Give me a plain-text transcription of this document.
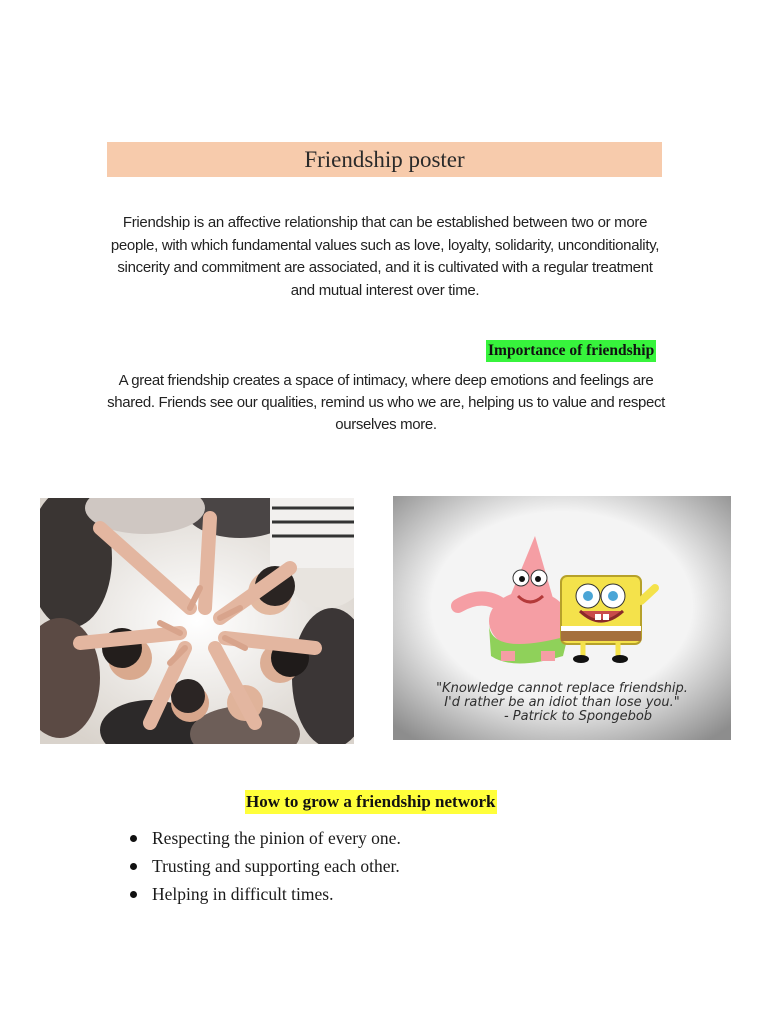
Friendship poster

Friendship is an affective relationship that can be established between two or more people, with which fundamental values such as love, loyalty, solidarity, unconditionality, sincerity and commitment are associated, and it is cultivated with a regular treatment and mutual interest over time.

Importance of friendship

A great friendship creates a space of intimacy, where deep emotions and feelings are shared. Friends see our qualities, remind us who we are, helping us to value and respect ourselves more.

"Knowledge cannot replace friendship.
I'd rather be an idiot than lose you."
- Patrick to Spongebob
How to grow a friendship network
Respecting the pinion of every one.
Trusting and supporting each other.
Helping in difficult times.
